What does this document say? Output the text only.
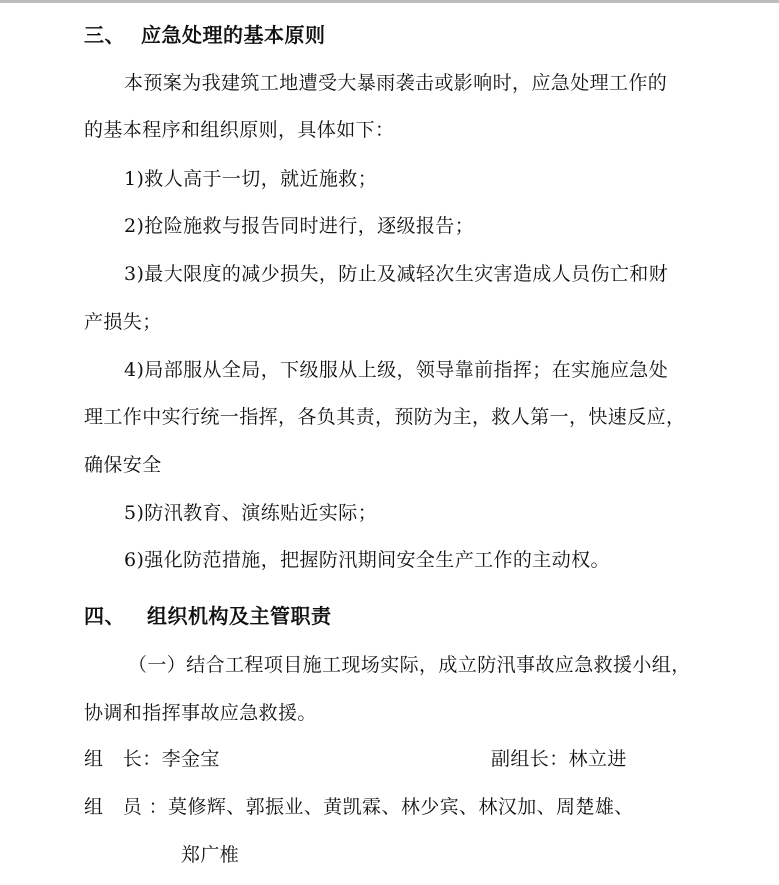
三、 应急处理的基本原则
本预案为我建筑工地遭受大暴雨袭击或影响时，应急处理工作的
的基本程序和组织原则，具体如下：
1)救人高于一切，就近施救；
2)抢险施救与报告同时进行，逐级报告；
3)最大限度的减少损失，防止及减轻次生灾害造成人员伤亡和财
产损失；
4)局部服从全局，下级服从上级，领导靠前指挥；在实施应急处
理工作中实行统一指挥，各负其责，预防为主，救人第一，快速反应，
确保安全
5)防汛教育、演练贴近实际；
6)强化防范措施，把握防汛期间安全生产工作的主动权。
四、 组织机构及主管职责
（一）结合工程项目施工现场实际，成立防汛事故应急救援小组，
协调和指挥事故应急救援。
组　长：李金宝	副组长：林立进
组　员 ：莫修辉、郭振业、黄凯霖、林少宾、林汉加、周楚雄、
郑广椎
